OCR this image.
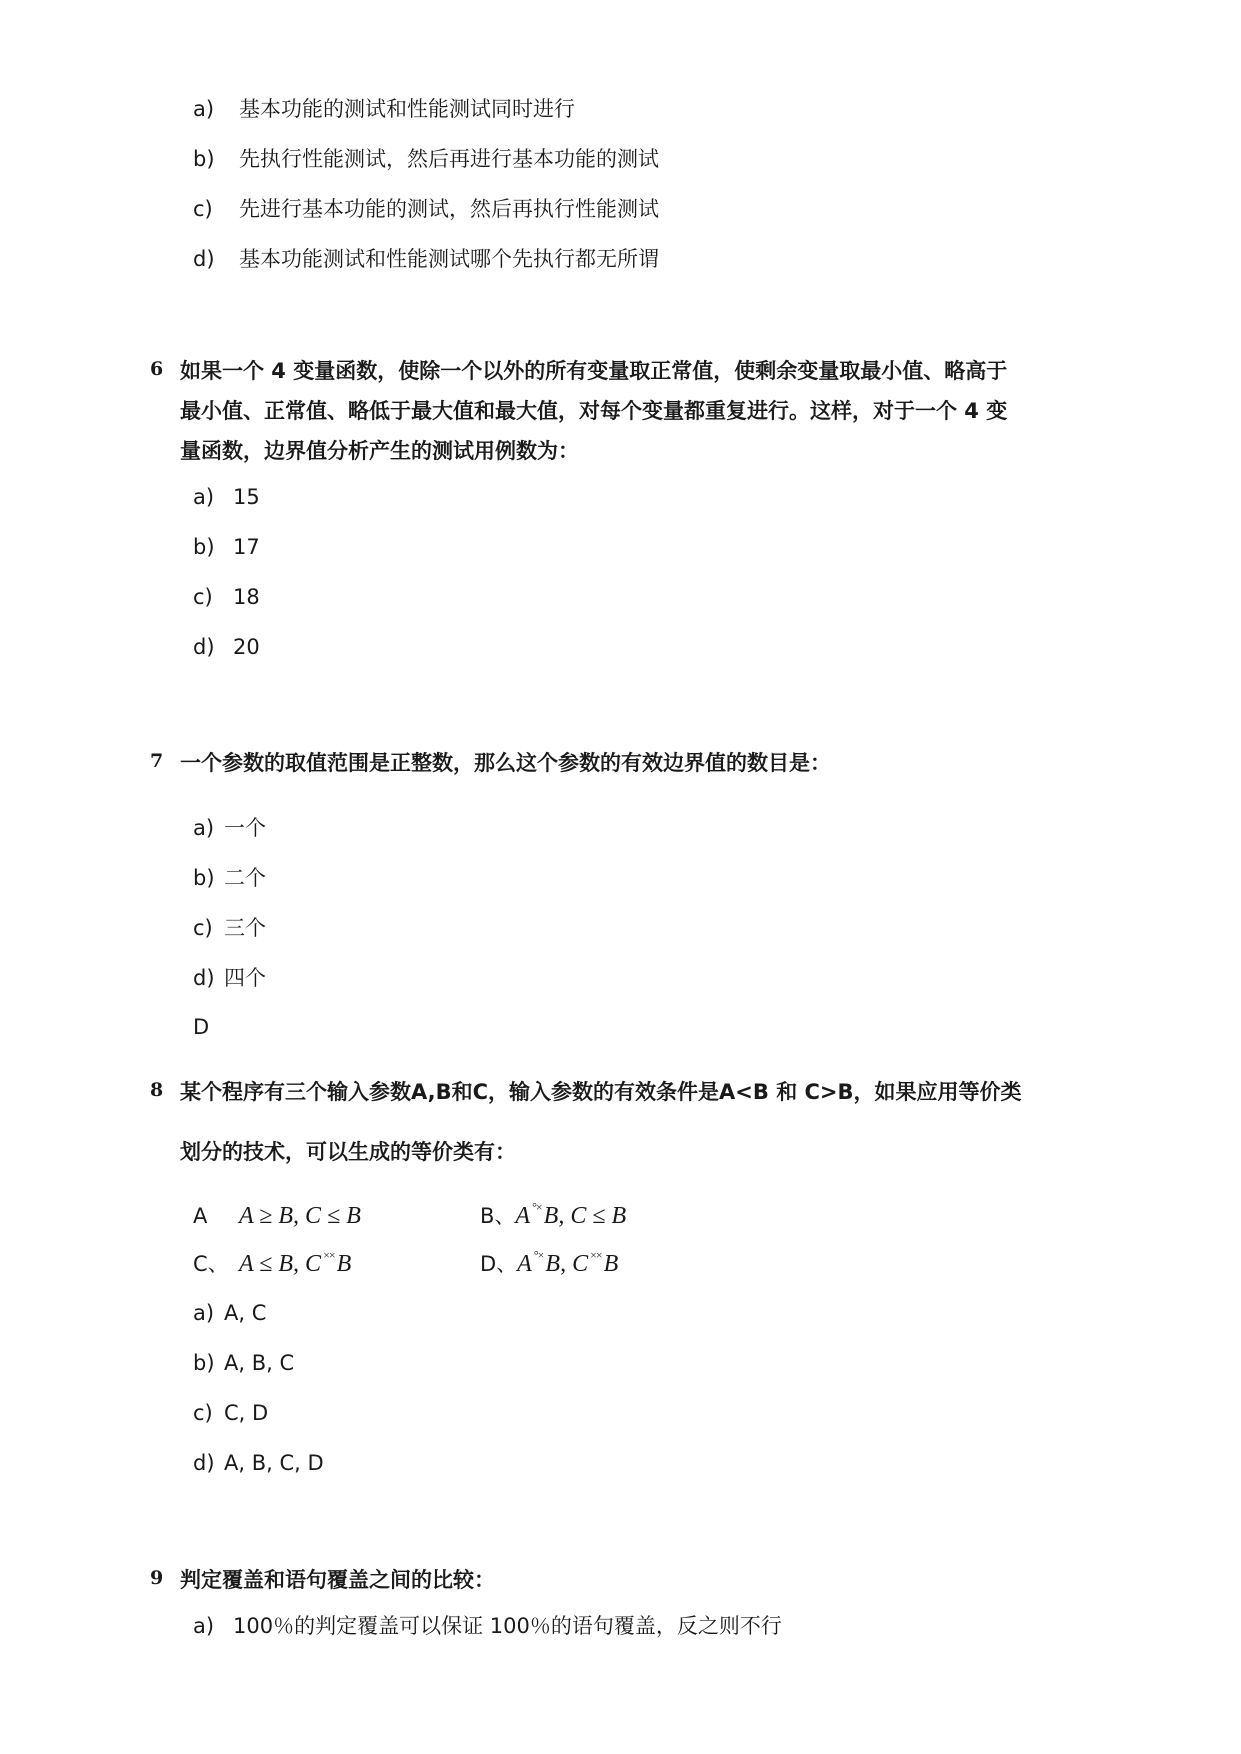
a) 基本功能的测试和性能测试同时进行
b) 先执行性能测试，然后再进行基本功能的测试
c) 先进行基本功能的测试，然后再执行性能测试
d) 基本功能测试和性能测试哪个先执行都无所谓
6 如果一个 4 变量函数，使除一个以外的所有变量取正常值，使剩余变量取最小值、略高于
最小值、正常值、略低于最大值和最大值，对每个变量都重复进行。这样，对于一个 4 变
量函数，边界值分析产生的测试用例数为：
a) 15
b) 17
c) 18
d) 20
7 一个参数的取值范围是正整数，那么这个参数的有效边界值的数目是：
a) 一个
b) 二个
c) 三个
d) 四个
D
8 某个程序有三个输入参数A,B和C，输入参数的有效条件是A<B 和 C>B，如果应用等价类
划分的技术，可以生成的等价类有：
A A ≥ B, C ≤ B	B、A °×B, C ≤ B
C、 A ≤ B, C ××B	D、A °×B, C ××B
a) A, C
b) A, B, C
c) C, D
d) A, B, C, D
9 判定覆盖和语句覆盖之间的比较：
a) 100％的判定覆盖可以保证 100％的语句覆盖，反之则不行
